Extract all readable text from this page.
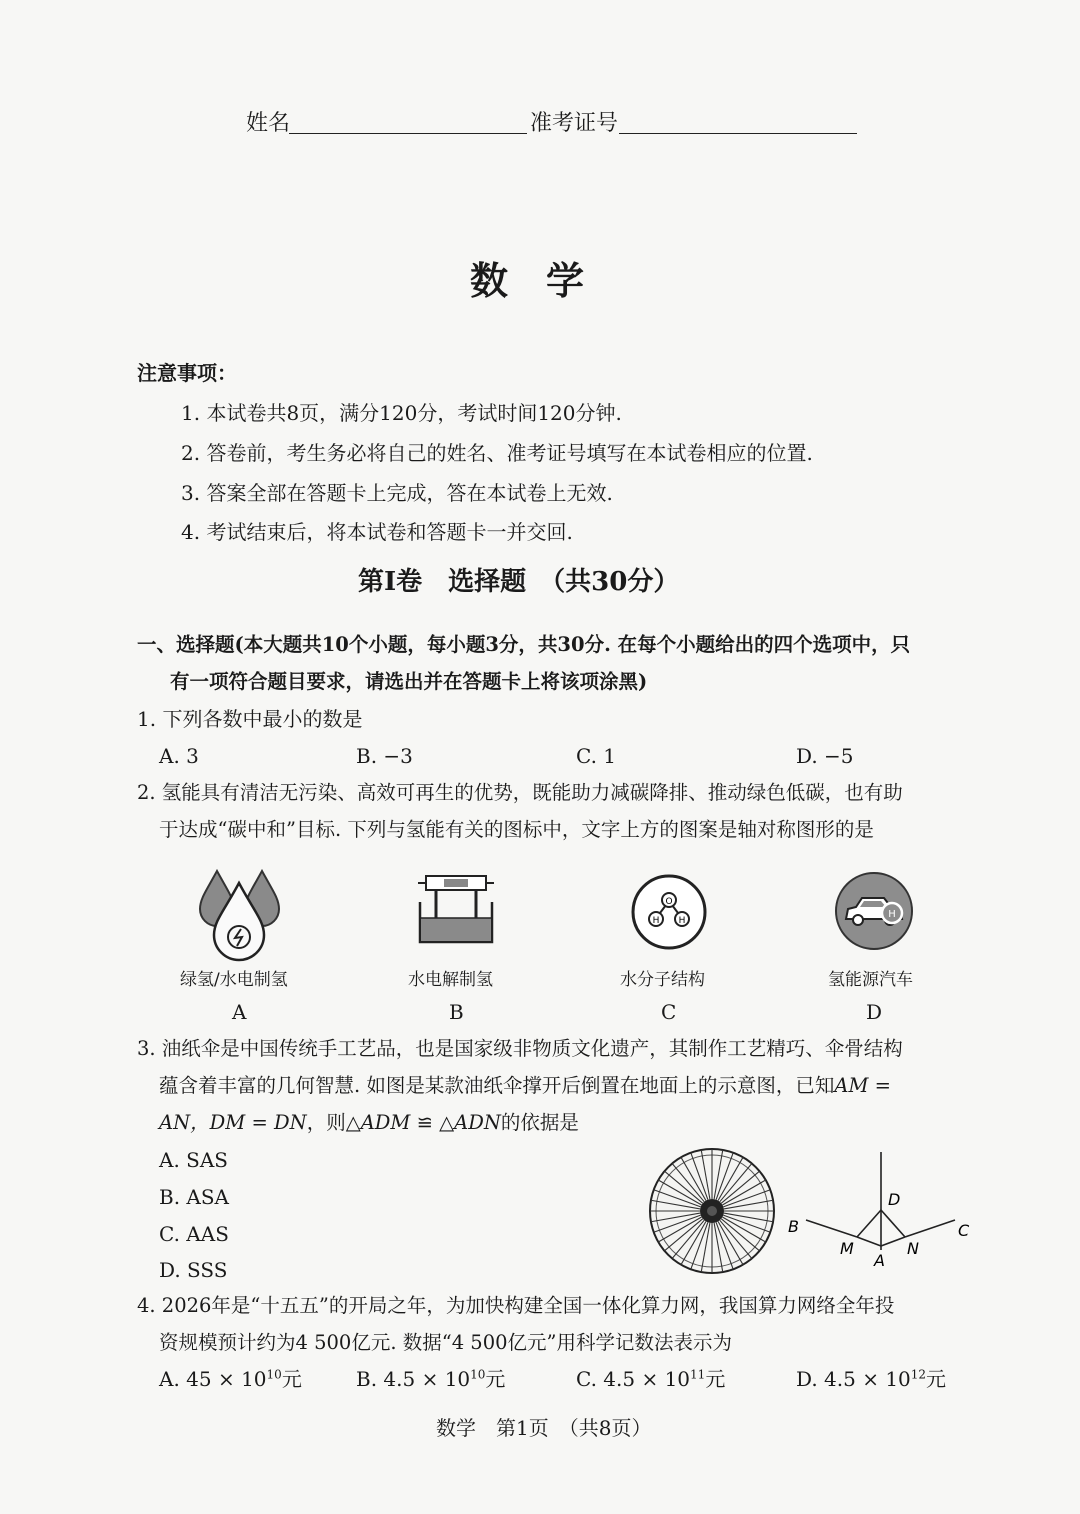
姓名	准考证号
数　学
注意事项：
1. 本试卷共8页，满分120分，考试时间120分钟.
2. 答卷前，考生务必将自己的姓名、准考证号填写在本试卷相应的位置.
3. 答案全部在答题卡上完成，答在本试卷上无效.
4. 考试结束后，将本试卷和答题卡一并交回.
第Ⅰ卷　选择题　（共30分）
一、选择题(本大题共10个小题，每小题3分，共30分. 在每个小题给出的四个选项中，只
有一项符合题目要求，请选出并在答题卡上将该项涂黑)
1. 下列各数中最小的数是
A. 3	B. −3	C. 1	D. −5
2. 氢能具有清洁无污染、高效可再生的优势，既能助力减碳降排、推动绿色低碳，也有助
于达成“碳中和”目标. 下列与氢能有关的图标中，文字上方的图案是轴对称图形的是
绿氢/水电制氢
A
水电解制氢
B
O
H H
水分子结构
C
H
氢能源汽车
D
3. 油纸伞是中国传统手工艺品，也是国家级非物质文化遗产，其制作工艺精巧、伞骨结构
蕴含着丰富的几何智慧. 如图是某款油纸伞撑开后倒置在地面上的示意图，已知AM =
AN，DM = DN，则△ADM ≌ △ADN的依据是
A. SAS
B. ASA
C. AAS
D. SSS
B	C
D
M
A
N
4. 2026年是“十五五”的开局之年，为加快构建全国一体化算力网，我国算力网络全年投
资规模预计约为4 500亿元. 数据“4 500亿元”用科学记数法表示为
A. $45 \times 10^{10}$元	B. $4.5 \times 10^{10}$元	C. $4.5 \times 10^{11}$元	D. $4.5 \times 10^{12}$元
数学　第1页　（共8页）
